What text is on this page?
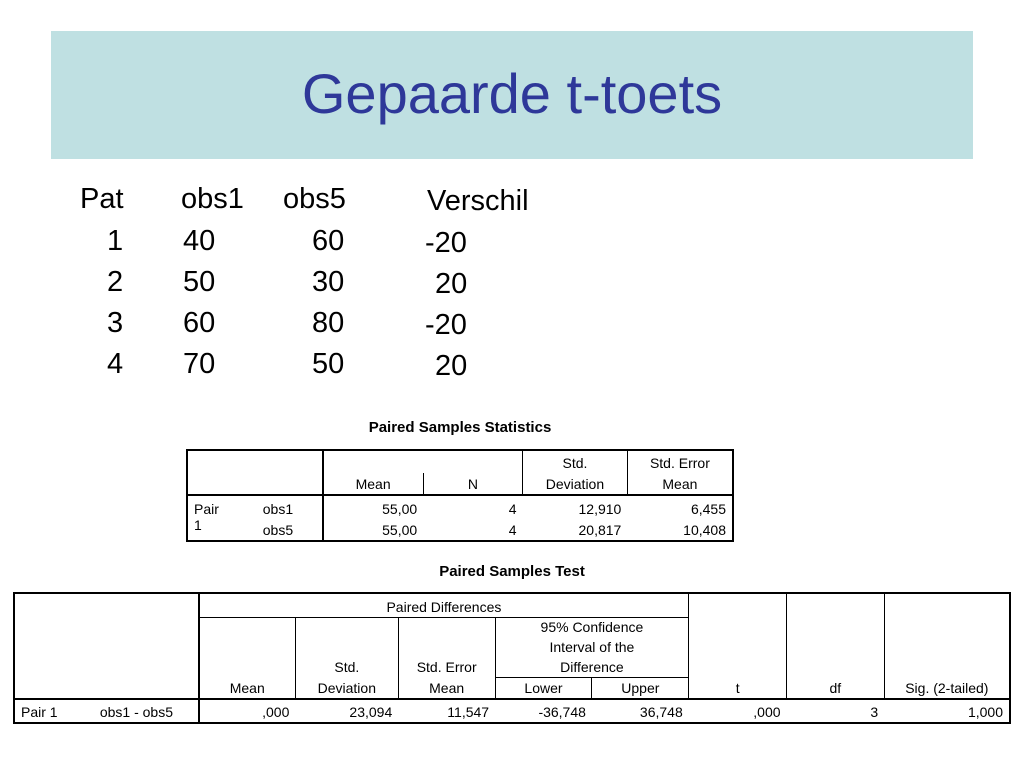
Gepaarde t-toets
Pat obs1 obs5	Verschil
1 40	60	-20
2 50	30	20
3 60	80	-20
4 70	50	20
Paired Samples Statistics
				Std.	Std. Error
		Mean	N	Deviation	Mean
Pair	obs1	55,00	4	12,910	6,455
1	obs5	55,00	4	20,817	10,408
Paired Samples Test
		Paired Differences							
					95% Confidence				
					Interval of the				
			Std.	Std. Error	Difference				
		Mean	Deviation	Mean	Lower	Upper	t	df	Sig. (2-tailed)
Pair 1	obs1 - obs5	,000	23,094	11,547	-36,748	36,748	,000	3	1,000
